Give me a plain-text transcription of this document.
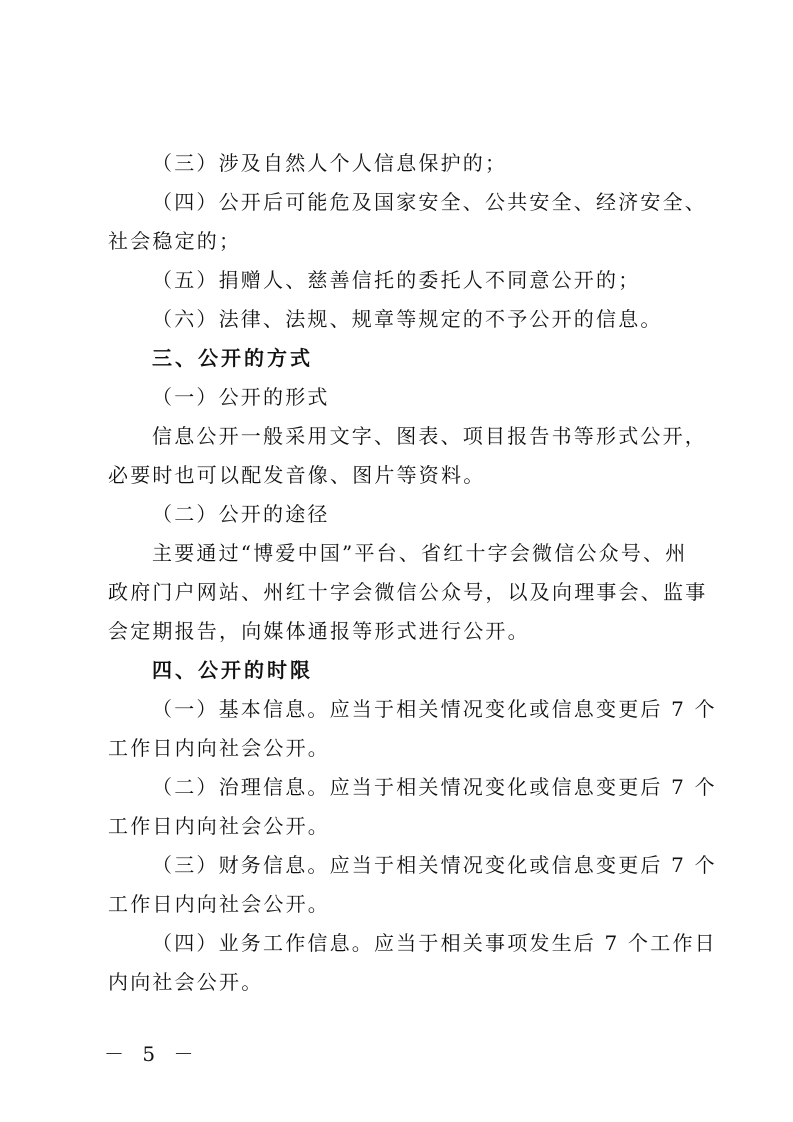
（三）涉及自然人个人信息保护的；
（四）公开后可能危及国家安全、公共安全、经济安全、
社会稳定的；
（五）捐赠人、慈善信托的委托人不同意公开的；
（六）法律、法规、规章等规定的不予公开的信息。
三、公开的方式
（一）公开的形式
信息公开一般采用文字、图表、项目报告书等形式公开，
必要时也可以配发音像、图片等资料。
（二）公开的途径
主要通过“博爱中国”平台、省红十字会微信公众号、州
政府门户网站、州红十字会微信公众号，以及向理事会、监事
会定期报告，向媒体通报等形式进行公开。
四、公开的时限
（一）基本信息。应当于相关情况变化或信息变更后 7 个
工作日内向社会公开。
（二）治理信息。应当于相关情况变化或信息变更后 7 个
工作日内向社会公开。
（三）财务信息。应当于相关情况变化或信息变更后 7 个
工作日内向社会公开。
（四）业务工作信息。应当于相关事项发生后 7 个工作日
内向社会公开。
－ 5 －
